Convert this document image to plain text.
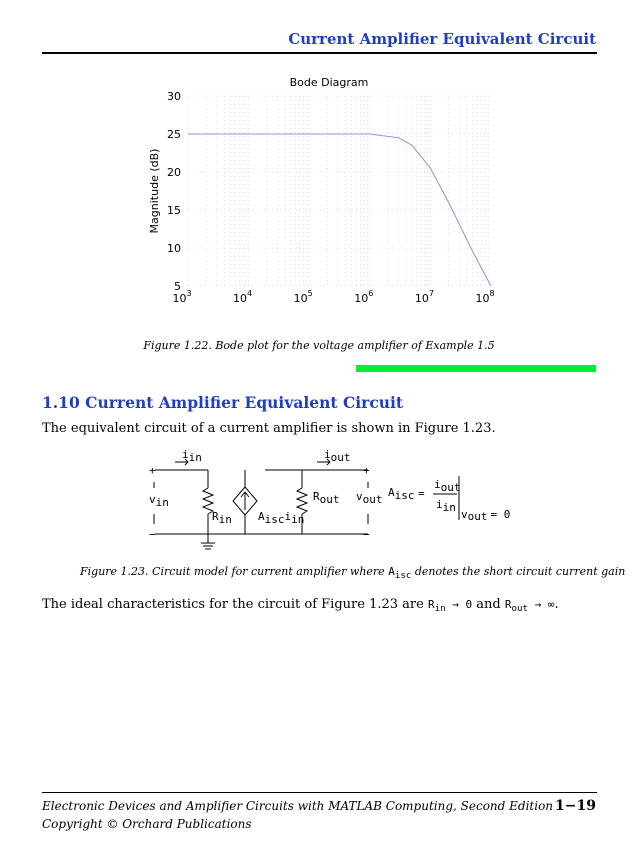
Current Amplifier Equivalent Circuit
5
10
15
20
25
30
$10^3$	$10^4$	$10^5$	$10^6$	$10^7$	$10^8$
Bode Diagram
Magnitude (dB)
Figure 1.22. Bode plot for the voltage amplifier of Example 1.5
1.10 Current Amplifier Equivalent Circuit
The equivalent circuit of a current amplifier is shown in Figure 1.23.
+
−
+
−
iin	iout
vin	vout
Rin
Rout
Aisciin
Aisc =
iout
iin
vout = 0
Figure 1.23. Circuit model for current amplifier where $A_{isc}$ denotes the short circuit current gain
The ideal characteristics for the circuit of Figure 1.23 are $R_{in} \to 0$ and $R_{out}$ → ∞.
Electronic Devices and Amplifier Circuits with MATLAB Computing, Second Edition
Copyright © Orchard Publications
1−19
